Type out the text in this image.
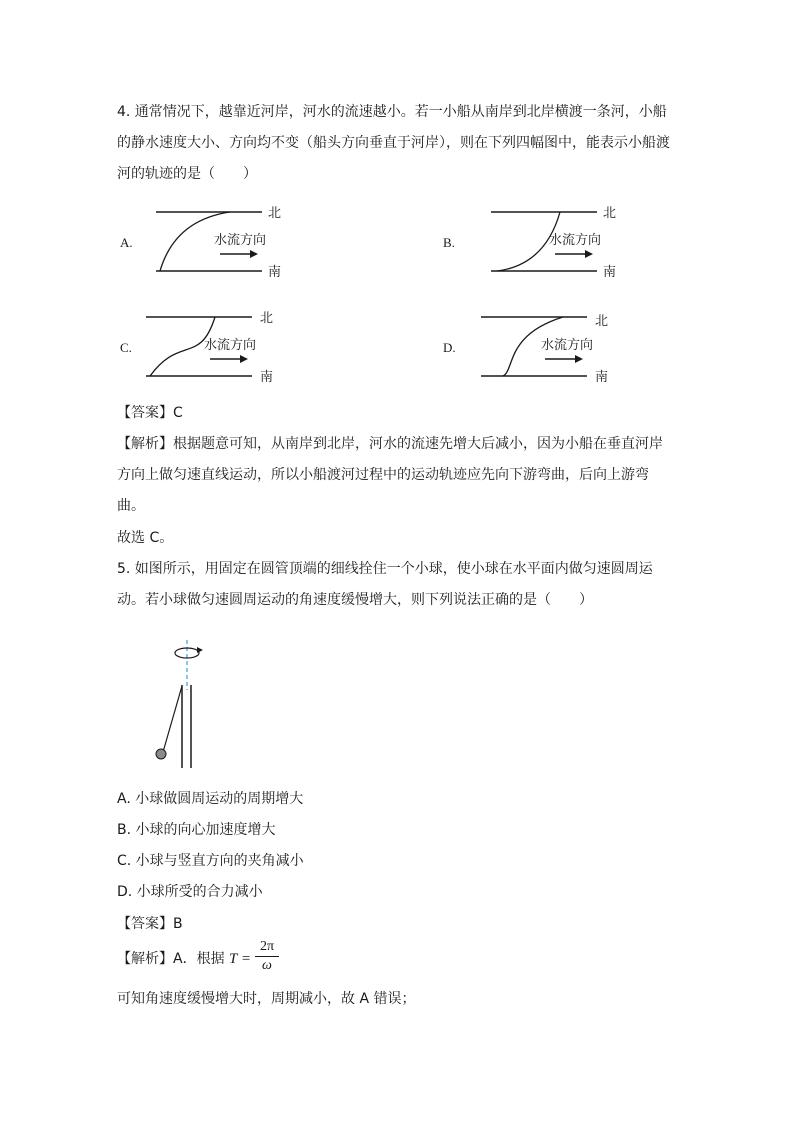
4. 通常情况下，越靠近河岸，河水的流速越小。若一小船从南岸到北岸横渡一条河，小船
的静水速度大小、方向均不变（船头方向垂直于河岸），则在下列四幅图中，能表示小船渡
河的轨迹的是（　　）
A.
北
南
水流方向	B.
北
南
水流方向
C.
北
南
水流方向	D.
北
南
水流方向
【答案】C
【解析】根据题意可知，从南岸到北岸，河水的流速先增大后减小，因为小船在垂直河岸
方向上做匀速直线运动，所以小船渡河过程中的运动轨迹应先向下游弯曲，后向上游弯
曲。
故选 C。
5. 如图所示，用固定在圆管顶端的细线拴住一个小球，使小球在水平面内做匀速圆周运
动。若小球做匀速圆周运动的角速度缓慢增大，则下列说法正确的是（　　）
A. 小球做圆周运动的周期增大
B. 小球的向心加速度增大
C. 小球与竖直方向的夹角减小
D. 小球所受的合力减小
【答案】B
【解析】A．根据 $T = \frac{2\pi}{\omega}$
可知角速度缓慢增大时，周期减小，故 A 错误；
